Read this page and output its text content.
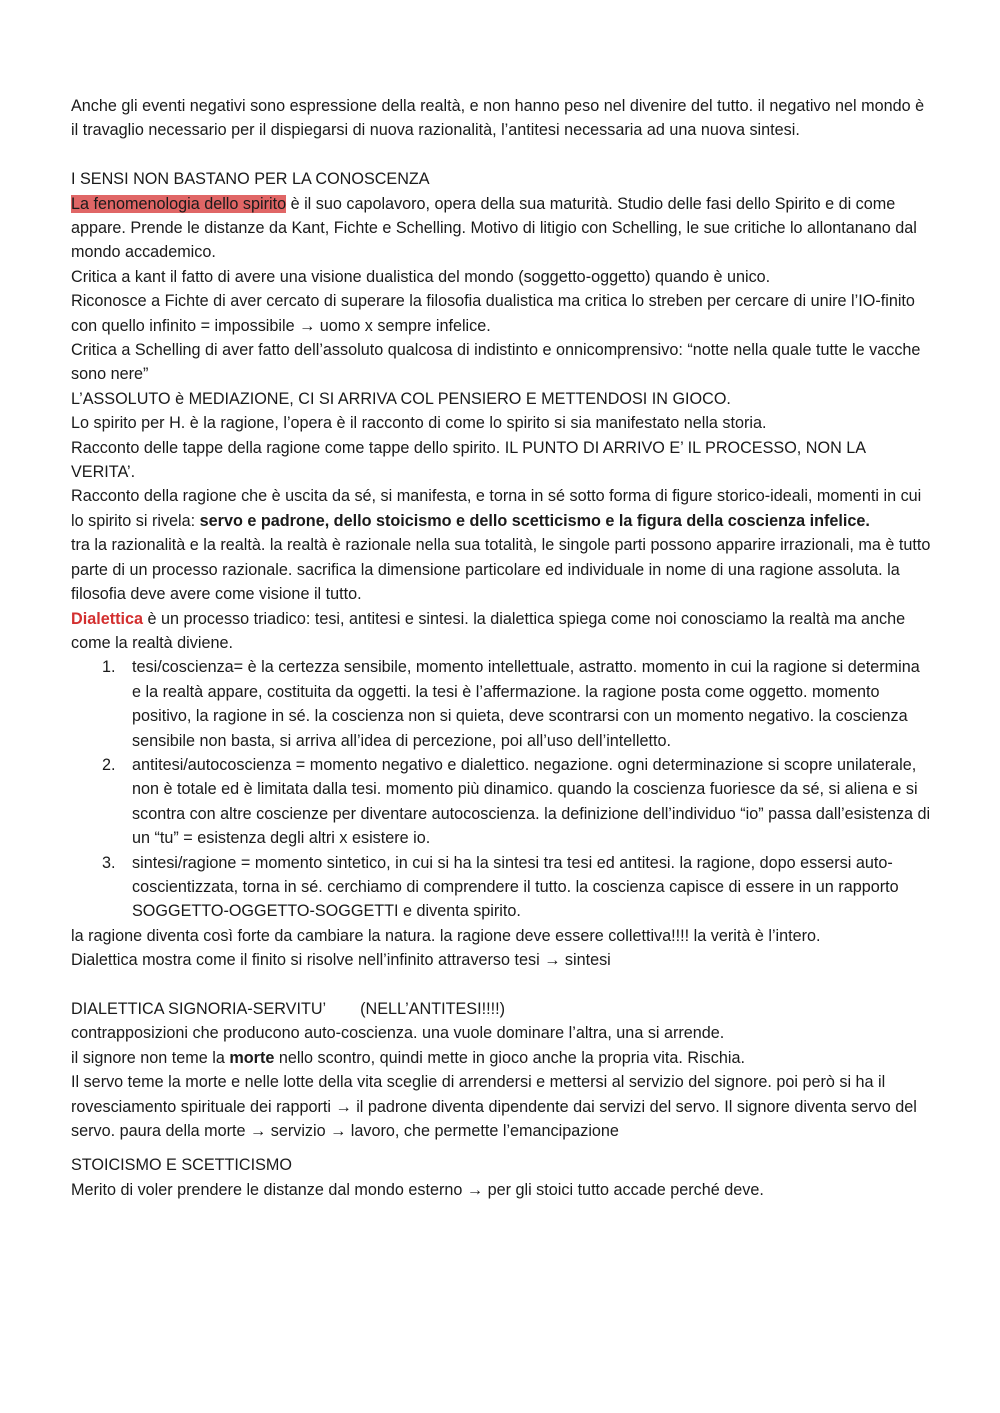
Anche gli eventi negativi sono espressione della realtà, e non hanno peso nel divenire del tutto. il negativo nel mondo è il travaglio necessario per il dispiegarsi di nuova razionalità, l’antitesi necessaria ad una nuova sintesi.

I SENSI NON BASTANO PER LA CONOSCENZA

La fenomenologia dello spirito è il suo capolavoro, opera della sua maturità. Studio delle fasi dello Spirito e di come appare. Prende le distanze da Kant, Fichte e Schelling. Motivo di litigio con Schelling, le sue critiche lo allontanano dal mondo accademico.

Critica a kant il fatto di avere una visione dualistica del mondo (soggetto-oggetto) quando è unico.

Riconosce a Fichte di aver cercato di superare la filosofia dualistica ma critica lo streben per cercare di unire l’IO-finito con quello infinito = impossibile → uomo x sempre infelice.

Critica a Schelling di aver fatto dell’assoluto qualcosa di indistinto e onnicomprensivo: “notte nella quale tutte le vacche sono nere”

L’ASSOLUTO è MEDIAZIONE, CI SI ARRIVA COL PENSIERO E METTENDOSI IN GIOCO.

Lo spirito per H. è la ragione, l’opera è il racconto di come lo spirito si sia manifestato nella storia.

Racconto delle tappe della ragione come tappe dello spirito. IL PUNTO DI ARRIVO E’ IL PROCESSO, NON LA VERITA’.

Racconto della ragione che è uscita da sé, si manifesta, e torna in sé sotto forma di figure storico-ideali, momenti in cui lo spirito si rivela: servo e padrone, dello stoicismo e dello scetticismo e la figura della coscienza infelice.

tra la razionalità e la realtà. la realtà è razionale nella sua totalità, le singole parti possono apparire irrazionali, ma è tutto parte di un processo razionale. sacrifica la dimensione particolare ed individuale in nome di una ragione assoluta. la filosofia deve avere come visione il tutto.

Dialettica è un processo triadico: tesi, antitesi e sintesi. la dialettica spiega come noi conosciamo la realtà ma anche come la realtà diviene.

1. tesi/coscienza= è la certezza sensibile, momento intellettuale, astratto. momento in cui la ragione si determina e la realtà appare, costituita da oggetti. la tesi è l’affermazione. la ragione posta come oggetto. momento positivo, la ragione in sé. la coscienza non si quieta, deve scontrarsi con un momento negativo. la coscienza sensibile non basta, si arriva all’idea di percezione, poi all’uso dell’intelletto.
2. antitesi/autocoscienza = momento negativo e dialettico. negazione. ogni determinazione si scopre unilaterale, non è totale ed è limitata dalla tesi. momento più dinamico. quando la coscienza fuoriesce da sé, si aliena e si scontra con altre coscienze per diventare autocoscienza. la definizione dell’individuo “io” passa dall’esistenza di un “tu” = esistenza degli altri x esistere io.
3. sintesi/ragione = momento sintetico, in cui si ha la sintesi tra tesi ed antitesi. la ragione, dopo essersi auto-coscientizzata, torna in sé. cerchiamo di comprendere il tutto. la coscienza capisce di essere in un rapporto SOGGETTO-OGGETTO-SOGGETTI e diventa spirito.

la ragione diventa così forte da cambiare la natura. la ragione deve essere collettiva!!!! la verità è l’intero.

Dialettica mostra come il finito si risolve nell’infinito attraverso tesi → sintesi

DIALETTICA SIGNORIA-SERVITU’ (NELL’ANTITESI!!!!)

contrapposizioni che producono auto-coscienza. una vuole dominare l’altra, una si arrende.

il signore non teme la morte nello scontro, quindi mette in gioco anche la propria vita. Rischia.

Il servo teme la morte e nelle lotte della vita sceglie di arrendersi e mettersi al servizio del signore. poi però si ha il rovesciamento spirituale dei rapporti → il padrone diventa dipendente dai servizi del servo. Il signore diventa servo del servo. paura della morte → servizio → lavoro, che permette l’emancipazione

STOICISMO E SCETTICISMO

Merito di voler prendere le distanze dal mondo esterno → per gli stoici tutto accade perché deve.
